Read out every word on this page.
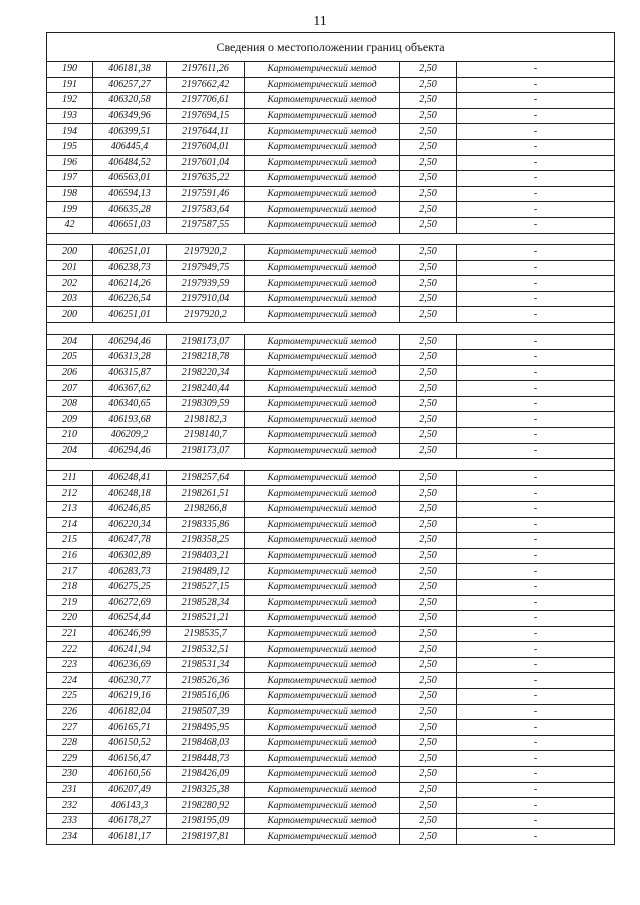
11
Сведения о местоположении границ объекта					
190	406181,38	2197611,26	Картометрический метод	2,50	-
191	406257,27	2197662,42	Картометрический метод	2,50	-
192	406320,58	2197706,61	Картометрический метод	2,50	-
193	406349,96	2197694,15	Картометрический метод	2,50	-
194	406399,51	2197644,11	Картометрический метод	2,50	-
195	406445,4	2197604,01	Картометрический метод	2,50	-
196	406484,52	2197601,04	Картометрический метод	2,50	-
197	406563,01	2197635,22	Картометрический метод	2,50	-
198	406594,13	2197591,46	Картометрический метод	2,50	-
199	406635,28	2197583,64	Картометрический метод	2,50	-
42	406651,03	2197587,55	Картометрический метод	2,50	-

200	406251,01	2197920,2	Картометрический метод	2,50	-
201	406238,73	2197949,75	Картометрический метод	2,50	-
202	406214,26	2197939,59	Картометрический метод	2,50	-
203	406226,54	2197910,04	Картометрический метод	2,50	-
200	406251,01	2197920,2	Картометрический метод	2,50	-

204	406294,46	2198173,07	Картометрический метод	2,50	-
205	406313,28	2198218,78	Картометрический метод	2,50	-
206	406315,87	2198220,34	Картометрический метод	2,50	-
207	406367,62	2198240,44	Картометрический метод	2,50	-
208	406340,65	2198309,59	Картометрический метод	2,50	-
209	406193,68	2198182,3	Картометрический метод	2,50	-
210	406209,2	2198140,7	Картометрический метод	2,50	-
204	406294,46	2198173,07	Картометрический метод	2,50	-

211	406248,41	2198257,64	Картометрический метод	2,50	-
212	406248,18	2198261,51	Картометрический метод	2,50	-
213	406246,85	2198266,8	Картометрический метод	2,50	-
214	406220,34	2198335,86	Картометрический метод	2,50	-
215	406247,78	2198358,25	Картометрический метод	2,50	-
216	406302,89	2198403,21	Картометрический метод	2,50	-
217	406283,73	2198489,12	Картометрический метод	2,50	-
218	406275,25	2198527,15	Картометрический метод	2,50	-
219	406272,69	2198528,34	Картометрический метод	2,50	-
220	406254,44	2198521,21	Картометрический метод	2,50	-
221	406246,99	2198535,7	Картометрический метод	2,50	-
222	406241,94	2198532,51	Картометрический метод	2,50	-
223	406236,69	2198531,34	Картометрический метод	2,50	-
224	406230,77	2198526,36	Картометрический метод	2,50	-
225	406219,16	2198516,06	Картометрический метод	2,50	-
226	406182,04	2198507,39	Картометрический метод	2,50	-
227	406165,71	2198495,95	Картометрический метод	2,50	-
228	406150,52	2198468,03	Картометрический метод	2,50	-
229	406156,47	2198448,73	Картометрический метод	2,50	-
230	406160,56	2198426,09	Картометрический метод	2,50	-
231	406207,49	2198325,38	Картометрический метод	2,50	-
232	406143,3	2198280,92	Картометрический метод	2,50	-
233	406178,27	2198195,09	Картометрический метод	2,50	-
234	406181,17	2198197,81	Картометрический метод	2,50	-
